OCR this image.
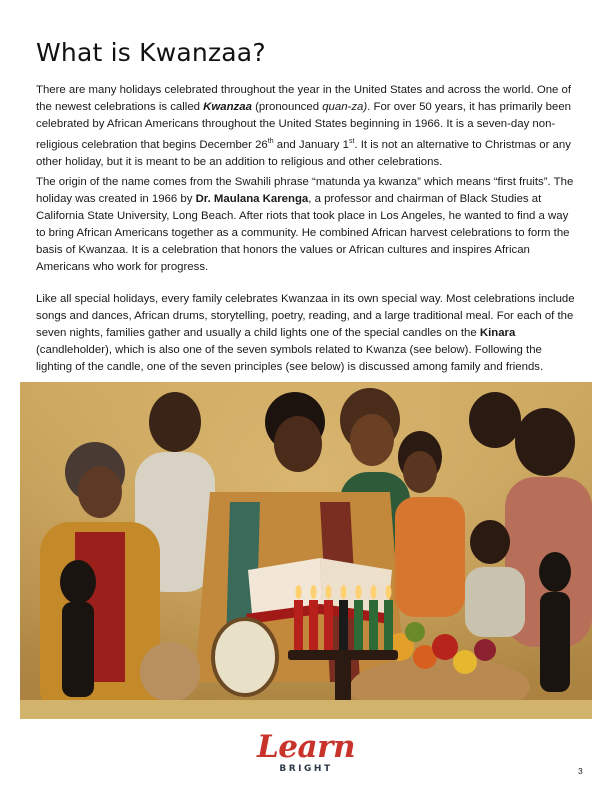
What is Kwanzaa?

There are many holidays celebrated throughout the year in the United States and across the world. One of the newest celebrations is called Kwanzaa (pronounced quan-za). For over 50 years, it has primarily been celebrated by African Americans throughout the United States beginning in 1966. It is a seven-day non-religious celebration that begins December 26th and January 1st. It is not an alternative to Christmas or any other holiday, but it is meant to be an addition to religious and other celebrations.

The origin of the name comes from the Swahili phrase “matunda ya kwanza” which means “first fruits”. The holiday was created in 1966 by Dr. Maulana Karenga, a professor and chairman of Black Studies at California State University, Long Beach. After riots that took place in Los Angeles, he wanted to find a way to bring African Americans together as a community. He combined African harvest celebrations to form the basis of Kwanzaa. It is a celebration that honors the values or African cultures and inspires African Americans who work for progress.

Like all special holidays, every family celebrates Kwanzaa in its own special way. Most celebrations include songs and dances, African drums, storytelling, poetry, reading, and a large traditional meal. For each of the seven nights, families gather and usually a child lights one of the special candles on the Kinara (candleholder), which is also one of the seven symbols related to Kwanza (see below). Following the lighting of the candle, one of the seven principles (see below) is discussed among family and friends.

Learn
BRIGHT	3
